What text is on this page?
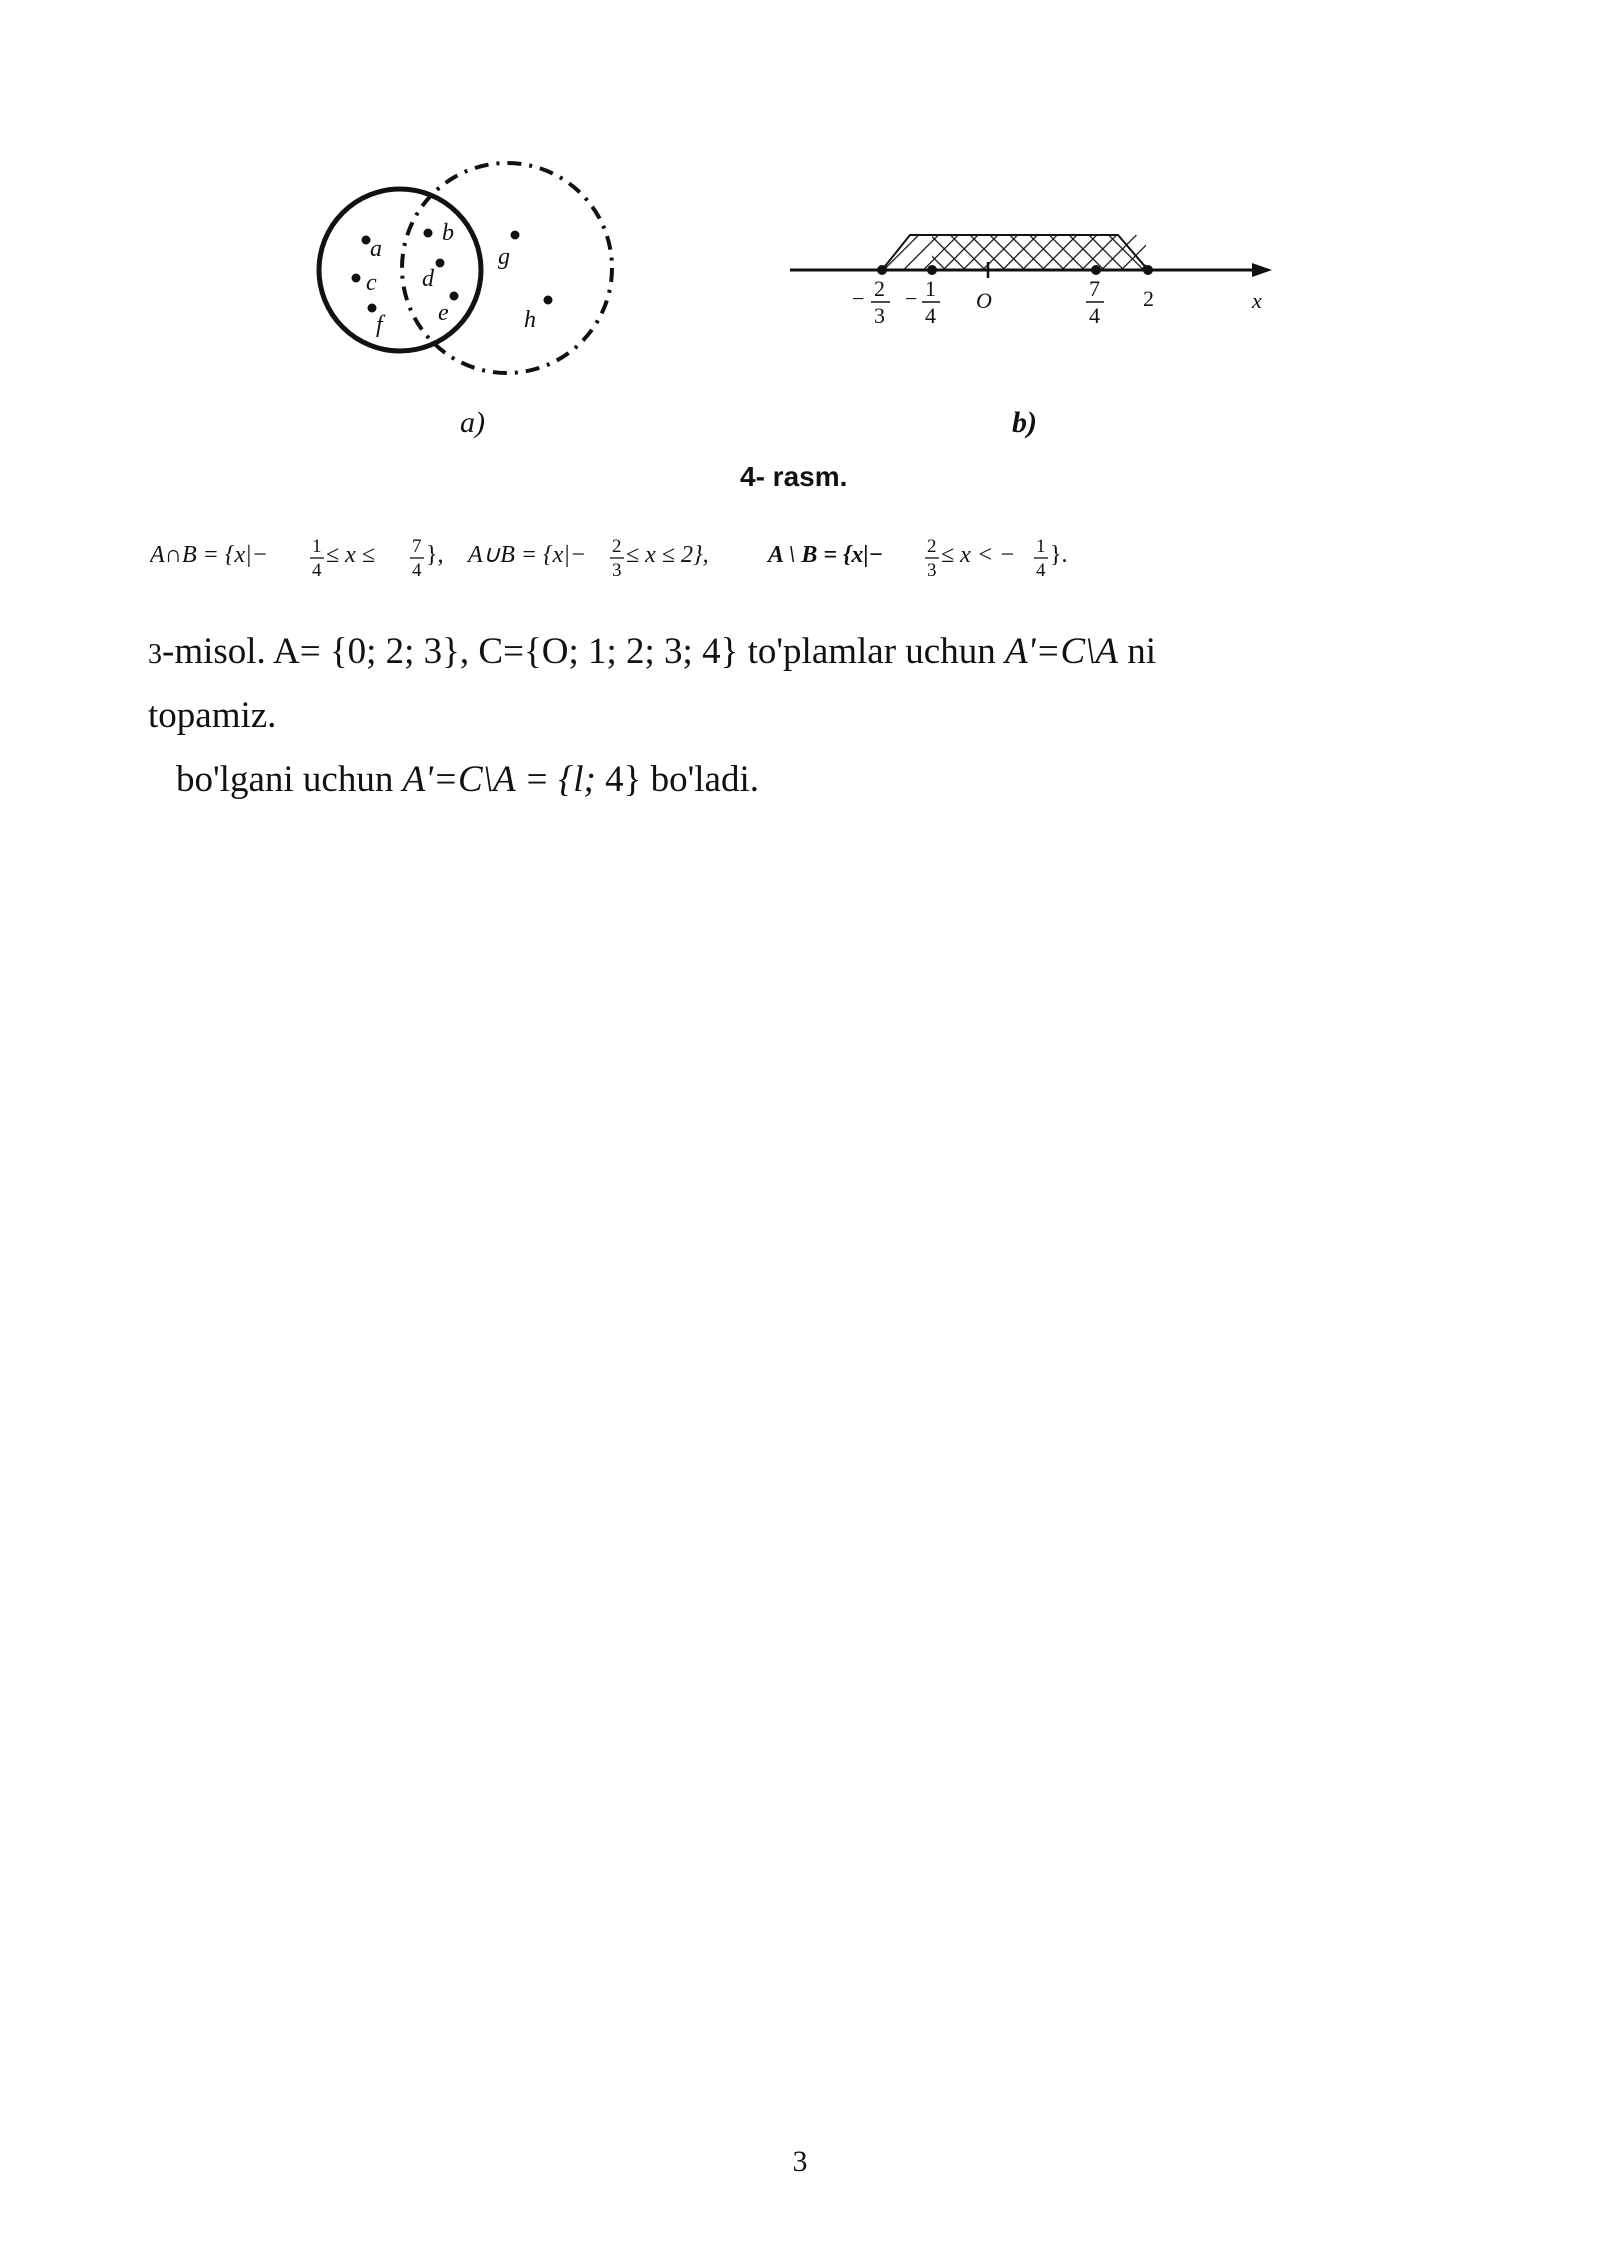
a
b
c d
e
f
g
h
a)
− 2
3
− 1
4
O	7
4
2	x
b)
4- rasm.
A∩B = {x|− 1
4
≤ x ≤ 7
4
}, A∪B = {x|− 2
3
≤ x ≤ 2}, A \ B = {x|− 2
3
≤ x < − 1
4
}.
3-misol. A= {0; 2; 3}, C={O; 1; 2; 3; 4} to'plamlar uchun A'=C\A ni
topamiz.
bo'lgani uchun A'=C\A = {l; 4} bo'ladi.
3
